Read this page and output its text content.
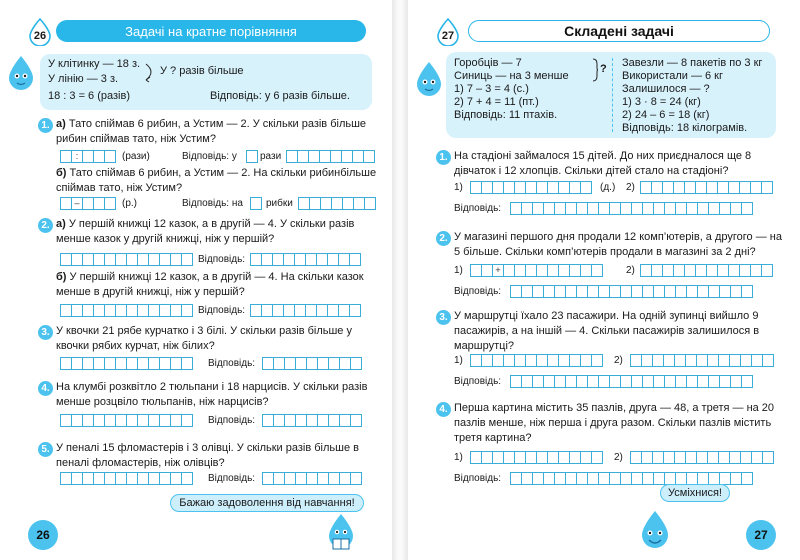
26	Задачі на кратне порівняння
У клітинку — 18 з.
У лінію — 3 з.
У ? разів більше
18 : 3 = 6 (разів)	Відповідь: у 6 разів більше.
1. а) Тато спіймав 6 рибин, а Устим — 2. У скільки разів більше рибин спіймав тато, ніж Устим?
:	(рази)	Відповідь: у рази
б) Тато спіймав 6 рибин, а Устим — 2. На скільки рибинбільше спіймав тато, ніж Устим?
–	(р.)	Відповідь: на рибки
2. а) У першій книжці 12 казок, а в другій — 4. У скільки разів менше казок у другій книжці, ніж у першій?
Відповідь:
б) У першій книжці 12 казок, а в другій — 4. На скільки казок менше в другій книжці, ніж у першій?
Відповідь:
3. У квочки 21 рябе курчатко і 3 білі. У скільки разів більше у квочки рябих курчат, ніж білих?
Відповідь:
4. На клумбі розквітло 2 тюльпани і 18 нарцисів. У скільки разів менше розцвіло тюльпанів, ніж нарцисів?
Відповідь:
5. У пеналі 15 фломастерів і 3 олівці. У скільки разів більше в пеналі фломастерів, ніж олівців?
Відповідь:
Бажаю задоволення від навчання!
26
27	Складені задачі
Горобців — 7
Синиць — на 3 менше
?
1) 7 – 3 = 4 (с.)
2) 7 + 4 = 11 (пт.)
Відповідь: 11 птахів.
Завезли — 8 пакетів по 3 кг
Використали — 6 кг
Залишилося — ?
1) 3 · 8 = 24 (кг)
2) 24 – 6 = 18 (кг)
Відповідь: 18 кілограмів.
1. На стадіоні займалося 15 дітей. До них приєдналося ще 8 дівчаток і 12 хлопців. Скільки дітей стало на стадіоні?
1)	(д.) 2)
Відповідь:
2. У магазині першого дня продали 12 комп’ютерів, а другого — на 5 більше. Скільки комп’ютерів продали в магазині за 2 дні?
1)	+	2)
Відповідь:
3. У маршрутці їхало 23 пасажири. На одній зупинці вийшло 9 пасажирів, а на іншій — 4. Скільки пасажирів залишилося в маршрутці?
1)	2)
Відповідь:
4. Перша картина містить 35 пазлів, друга — 48, а третя — на 20 пазлів менше, ніж перша і друга разом. Скільки пазлів містить третя картина?
1)	2)
Відповідь:
Усміхнися!
27
